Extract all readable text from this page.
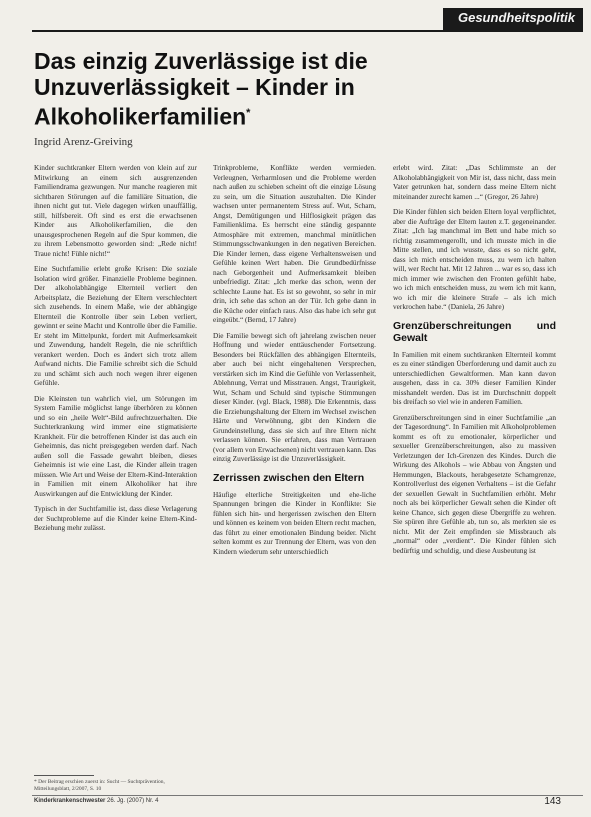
Gesundheitspolitik
Das einzig Zuverlässige ist die Unzuverlässigkeit – Kinder in Alkoholikerfamilien*
Ingrid Arenz-Greiving

Kinder suchtkranker Eltern werden von klein auf zur Mitwirkung an einem sich ausgrenzenden Familiendrama gezwungen. Nur manche reagieren mit sichtbaren Störungen auf die familiäre Situation, die ihnen nicht gut tut. Viele dagegen wirken unauffällig, still, hilfsbereit. Oft sind es erst die erwachsenen Kinder aus Alkoholikerfamilien, die den unausgesprochenen Regeln auf die Spur kommen, die zu ihrem Lebensmotto geworden sind: „Rede nicht! Traue nicht! Fühle nicht!“

Eine Suchtfamilie erlebt große Krisen: Die soziale Isolation wird größer. Finanzielle Probleme beginnen. Der alkoholabhängige Elternteil verliert den Arbeitsplatz, die Beziehung der Eltern verschlechtert sich zusehends. In einem Maße, wie der abhängige Elternteil die Kontrolle über sein Leben verliert, gewinnt er seine Macht und Kontrolle über die Familie. Er steht im Mittelpunkt, fordert mit Aufmerksamkeit und Zuwendung, handelt Regeln, die nie schriftlich verankert werden. Doch es ändert sich trotz allem Aufwand nichts. Die Familie schreibt sich die Schuld zu und schämt sich auch noch wegen ihrer eigenen Gefühle.

Die Kleinsten tun wahrlich viel, um Störungen im System Familie möglichst lange überhören zu können und so ein „heile Welt“-Bild aufrechtzuerhalten. Die Suchterkrankung wird immer eine stigmatisierte Krankheit. Für die betroffenen Kinder ist das auch ein Geheimnis, das nicht preisgegeben werden darf. Nach außen soll die Fassade gewahrt bleiben, dieses Geheimnis ist wie eine Last, die Kinder allein tragen müssen. Wie Art und Weise der Eltern-Kind-Interaktion in Familien mit einem Alkoholiker hat ihre Auswirkungen auf die Entwicklung der Kinder.

Typisch in der Suchtfamilie ist, dass diese Verlagerung der Suchtprobleme auf die Kinder keine Eltern-Kind-Beziehung mehr zulässt.

Trinkprobleme, Konflikte werden vermieden. Verleugnen, Verharmlosen und die Probleme werden nach außen zu schieben scheint oft die einzige Lösung zu sein, um die Situation auszuhalten. Die Kinder wachsen unter permanentem Stress auf. Wut, Scham, Angst, Demütigungen und Hilflosigkeit prägen das Familienklima. Es herrscht eine ständig gespannte Atmosphäre mit extremen, manchmal minütlichen Stimmungsschwankungen in den negativen Bereichen. Die Kinder lernen, dass eigene Verhaltensweisen und Gefühle keinen Wert haben. Die Grundbedürfnisse nach Geborgenheit und Aufmerksamkeit bleiben unbefriedigt. Zitat: „Ich merke das schon, wenn der schlechte Laune hat. Es ist so gewohnt, so sehr in mir drin, ich sehe das schon an der Tür. Ich gehe dann in die Küche oder einfach raus. Also das habe ich sehr gut eingeübt.“ (Bernd, 17 Jahre)

Die Familie bewegt sich oft jahrelang zwischen neuer Hoffnung und wieder enttäuschender Fortsetzung. Besonders bei Rückfällen des abhängigen Elternteils, aber auch bei nicht eingehaltenen Versprechen, verstärken sich im Kind die Gefühle von Verlassenheit, Ablehnung, Verrat und Misstrauen. Angst, Traurigkeit, Wut, Scham und Schuld sind typische Stimmungen dieser Kinder. (vgl. Black, 1988). Die Erkenntnis, dass die Erziehungshaltung der Eltern im Wechsel zwischen Härte und Verwöhnung, gibt den Kindern die Grundeinstellung, dass sie sich auf ihre Eltern nicht verlassen können. Sie erfahren, dass man Vertrauen (vor allem von Erwachsenen) nicht vertrauen kann. Das einzig Zuverlässige ist die Unzuverlässigkeit.

Zerrissen zwischen den Eltern

Häufige elterliche Streitigkeiten und ehe-liche Spannungen bringen die Kinder in Konflikte: Sie fühlen sich hin- und hergerissen zwischen den Eltern und können es keinem von beiden Eltern recht machen, das führt zu einer emotionalen Bindung beider. Nicht selten kommt es zur Trennung der Eltern, was von den Kindern wiederum sehr unterschiedlich

erlebt wird. Zitat: „Das Schlimmste an der Alkoholabhängigkeit von Mir ist, dass nicht, dass mein Vater getrunken hat, sondern dass meine Eltern nicht miteinander zurecht kamen ...“ (Gregor, 26 Jahre)

Die Kinder fühlen sich beiden Eltern loyal verpflichtet, aber die Aufträge der Eltern lauten z.T. gegeneinander. Zitat: „Ich lag manchmal im Bett und habe mich so richtig zusammengerollt, und ich musste mich in die Mitte stellen, und ich wusste, dass es so nicht geht, dass ich mich entscheiden muss, zu wem ich halten will, wer Recht hat. Mit 12 Jahren ... war es so, dass ich mich immer wie zwischen den Fronten gefühlt habe, wo ich mich entscheiden muss, zu wem ich mit kann, wo ich mir die kleinere Strafe – als ich mich verkrochen habe.“ (Daniela, 26 Jahre)

Grenzüberschreitungen und Gewalt

In Familien mit einem suchtkranken Elternteil kommt es zu einer ständigen Überforderung und damit auch zu unterschiedlichen Gewaltformen. Man kann davon ausgehen, dass in ca. 30% dieser Familien Kinder misshandelt werden. Das ist im Durchschnitt doppelt bis dreifach so viel wie in anderen Familien.

Grenzüberschreitungen sind in einer Suchtfamilie „an der Tagesordnung“. In Familien mit Alkoholproblemen kommt es oft zu emotionaler, körperlicher und sexueller Grenzüberschreitungen, also zu massiven Verletzungen der Ich-Grenzen des Kindes. Durch die Wirkung des Alkohols – wie Abbau von Ängsten und Hemmungen, Blackouts, herabgesetzte Schamgrenze, Kontrollverlust des eigenen Verhaltens – ist die Gefahr der sexuellen Gewalt in Suchtfamilien erhöht. Mehr noch als bei körperlicher Gewalt sehen die Kinder oft keine Chance, sich gegen diese Übergriffe zu wehren. Sie spüren ihre Gefühle ab, tun so, als merkten sie es nicht. Mit der Zeit empfinden sie Missbrauch als „normal“ oder „verdient“. Die Kinder fühlen sich bedürftig und schuldig, und diese Ausbeutung ist

* Der Beitrag erschien zuerst in: Sucht — Suchtprävention, Mitteilungsblatt, 2/2007, S. 10
Kinderkrankenschwester 26. Jg. (2007) Nr. 4	143
